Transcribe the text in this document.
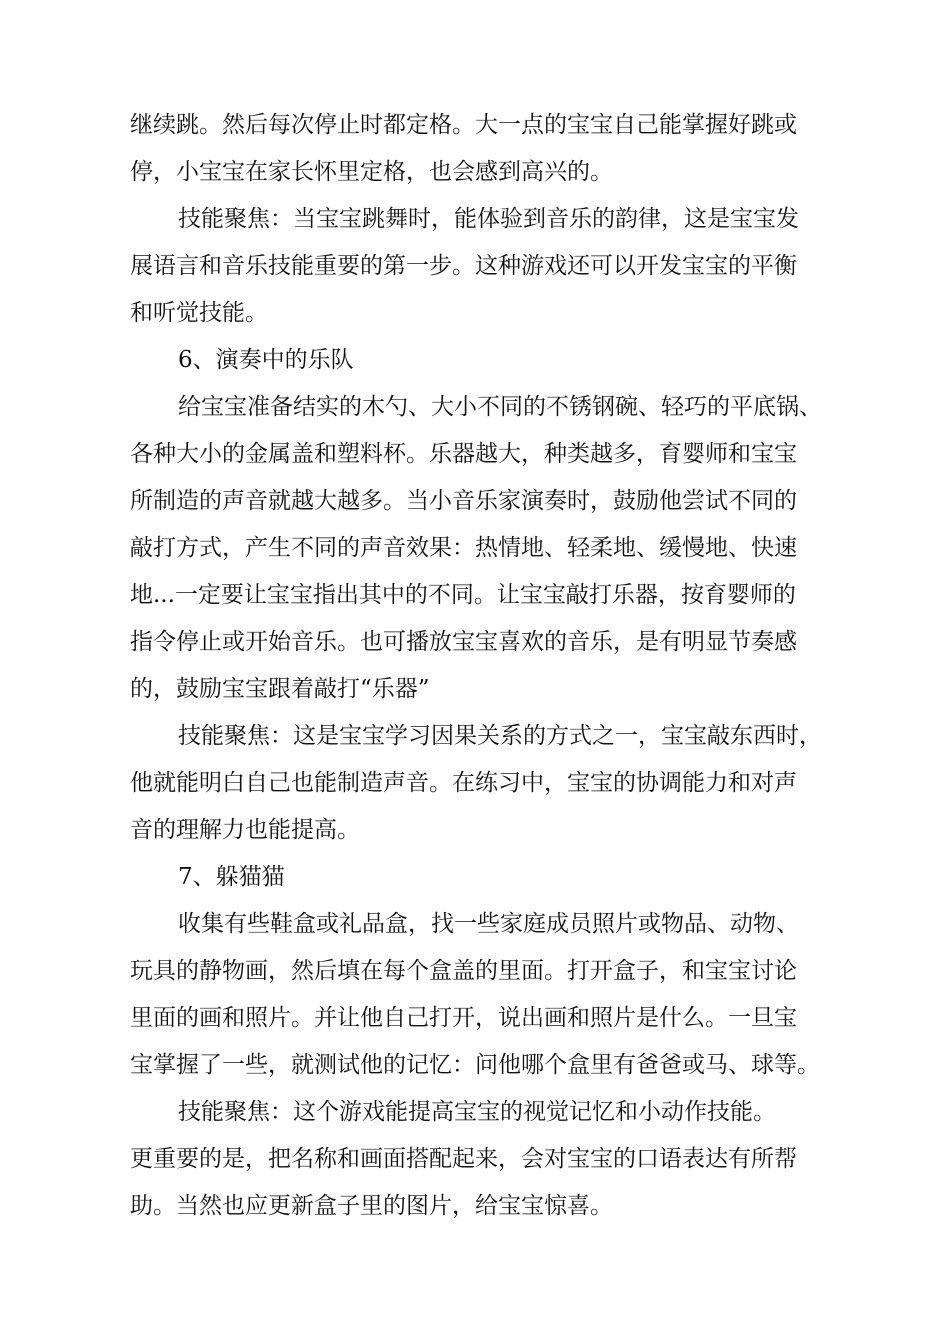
继续跳。然后每次停止时都定格。大一点的宝宝自己能掌握好跳或
停，小宝宝在家长怀里定格，也会感到高兴的。
技能聚焦：当宝宝跳舞时，能体验到音乐的韵律，这是宝宝发
展语言和音乐技能重要的第一步。这种游戏还可以开发宝宝的平衡
和听觉技能。
6、演奏中的乐队
给宝宝准备结实的木勺、大小不同的不锈钢碗、轻巧的平底锅、
各种大小的金属盖和塑料杯。乐器越大，种类越多，育婴师和宝宝
所制造的声音就越大越多。当小音乐家演奏时，鼓励他尝试不同的
敲打方式，产生不同的声音效果：热情地、轻柔地、缓慢地、快速
地...一定要让宝宝指出其中的不同。让宝宝敲打乐器，按育婴师的
指令停止或开始音乐。也可播放宝宝喜欢的音乐，是有明显节奏感
的，鼓励宝宝跟着敲打“乐器”
技能聚焦：这是宝宝学习因果关系的方式之一，宝宝敲东西时，
他就能明白自己也能制造声音。在练习中，宝宝的协调能力和对声
音的理解力也能提高。
7、躲猫猫
收集有些鞋盒或礼品盒，找一些家庭成员照片或物品、动物、
玩具的静物画，然后填在每个盒盖的里面。打开盒子，和宝宝讨论
里面的画和照片。并让他自己打开，说出画和照片是什么。一旦宝
宝掌握了一些，就测试他的记忆：问他哪个盒里有爸爸或马、球等。
技能聚焦：这个游戏能提高宝宝的视觉记忆和小动作技能。
更重要的是，把名称和画面搭配起来，会对宝宝的口语表达有所帮
助。当然也应更新盒子里的图片，给宝宝惊喜。
